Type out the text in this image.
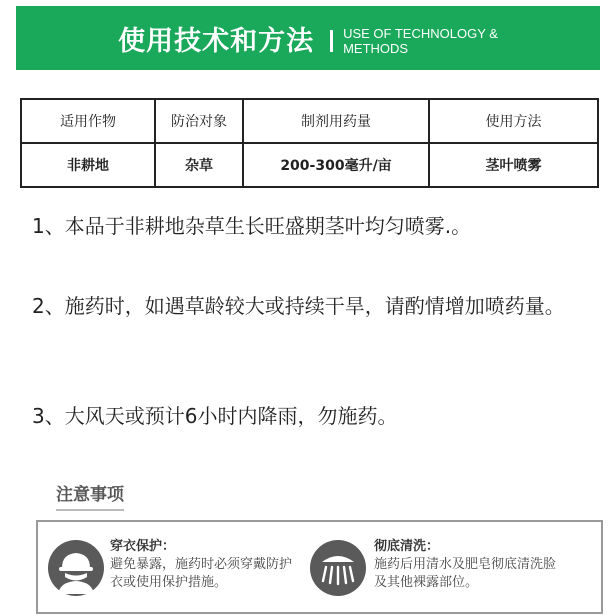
使用技术和方法 USE OF TECHNOLOGY &
METHODS
适用作物	防治对象	制剂用药量	使用方法
非耕地	杂草	200-300毫升/亩	茎叶喷雾

1、本品于非耕地杂草生长旺盛期茎叶均匀喷雾.。

2、施药时，如遇草龄较大或持续干旱，请酌情增加喷药量。

3、大风天或预计6小时内降雨，勿施药。

注意事项
穿衣保护：
避免暴露，施药时必须穿戴防护衣或使用保护措施。
彻底清洗：
施药后用清水及肥皂彻底清洗脸及其他裸露部位。
